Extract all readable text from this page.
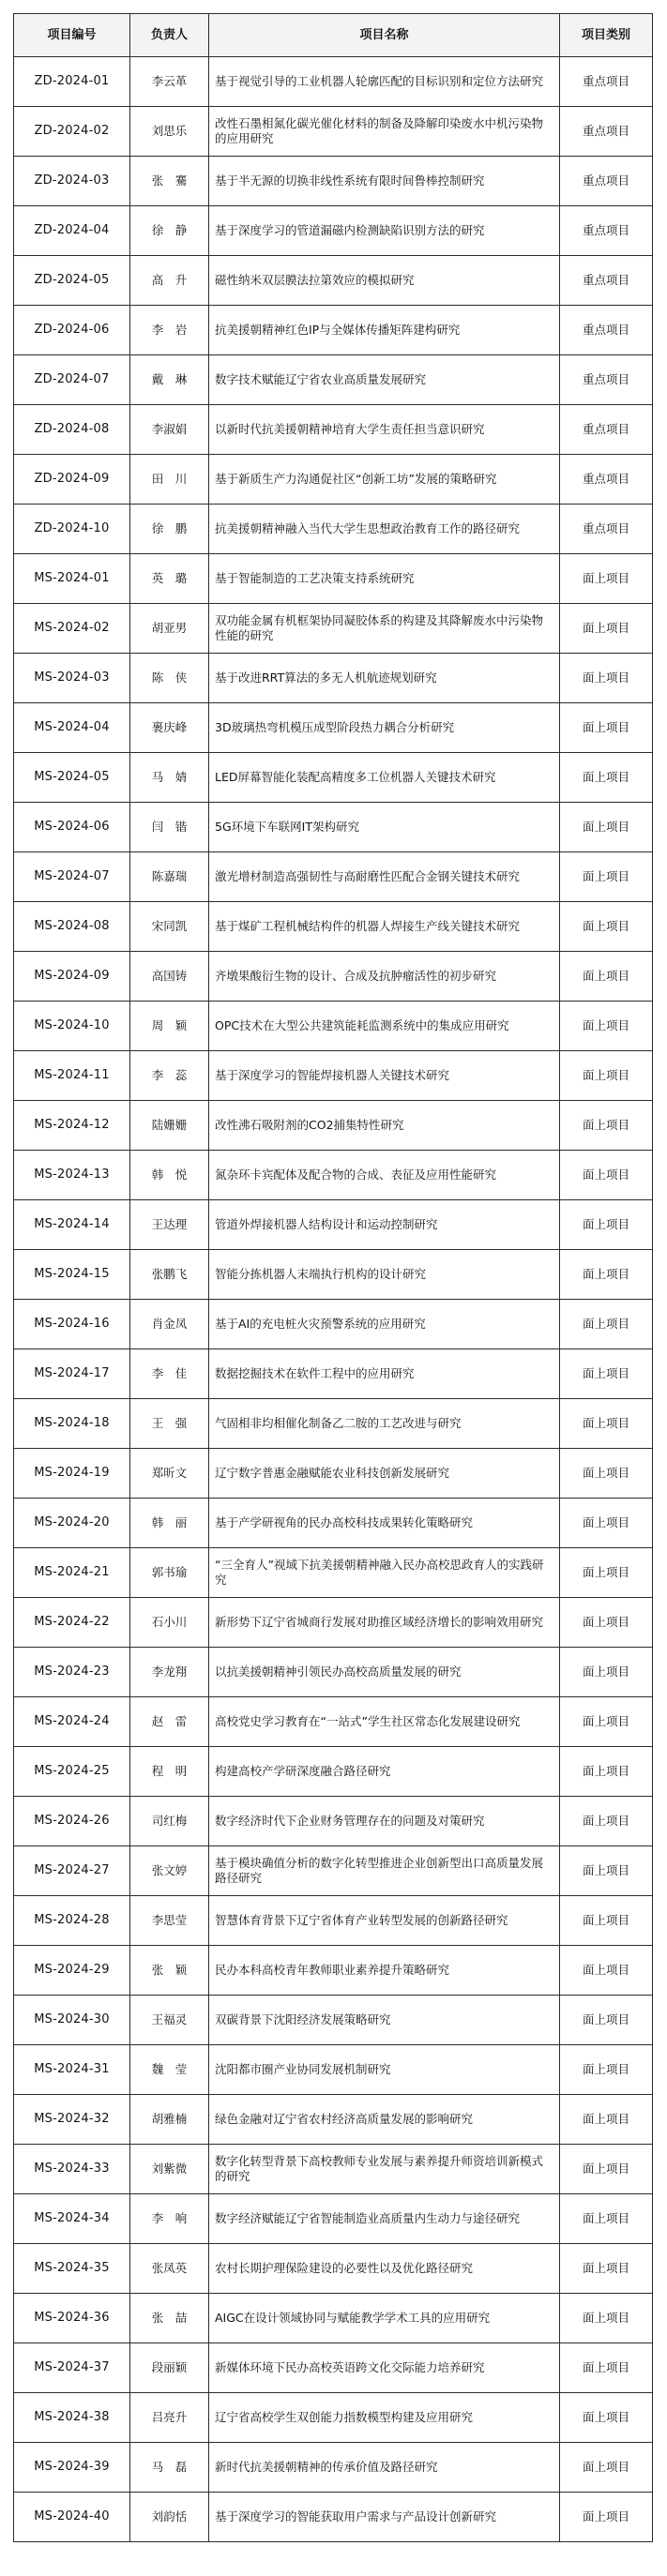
项目编号	负责人	项目名称	项目类别
ZD-2024-01	李云革	基于视觉引导的工业机器人轮廓匹配的目标识别和定位方法研究	重点项目
ZD-2024-02	刘思乐	改性石墨相氮化碳光催化材料的制备及降解印染废水中机污染物的应用研究	重点项目
ZD-2024-03	张　騫	基于半无源的切换非线性系统有限时间鲁棒控制研究	重点项目
ZD-2024-04	徐　静	基于深度学习的管道漏磁内检测缺陷识别方法的研究	重点项目
ZD-2024-05	高　升	磁性纳米双层膜法拉第效应的模拟研究	重点项目
ZD-2024-06	李　岩	抗美援朝精神红色IP与全媒体传播矩阵建构研究	重点项目
ZD-2024-07	戴　琳	数字技术赋能辽宁省农业高质量发展研究	重点项目
ZD-2024-08	李淑娟	以新时代抗美援朝精神培育大学生责任担当意识研究	重点项目
ZD-2024-09	田　川	基于新质生产力沟通促社区“创新工坊”发展的策略研究	重点项目
ZD-2024-10	徐　鹏	抗美援朝精神融入当代大学生思想政治教育工作的路径研究	重点项目
MS-2024-01	英　璐	基于智能制造的工艺决策支持系统研究	面上项目
MS-2024-02	胡亚男	双功能金属有机框架协同凝胶体系的构建及其降解废水中污染物性能的研究	面上项目
MS-2024-03	陈　侠	基于改进RRT算法的多无人机航迹规划研究	面上项目
MS-2024-04	裹庆峰	3D玻璃热弯机模压成型阶段热力耦合分析研究	面上项目
MS-2024-05	马　婧	LED屏幕智能化装配高精度多工位机器人关键技术研究	面上项目
MS-2024-06	闫　锴	5G环境下车联网IT架构研究	面上项目
MS-2024-07	陈嘉瑞	激光增材制造高强韧性与高耐磨性匹配合金钢关键技术研究	面上项目
MS-2024-08	宋同凯	基于煤矿工程机械结构件的机器人焊接生产线关键技术研究	面上项目
MS-2024-09	高国铸	齐墩果酸衍生物的设计、合成及抗肿瘤活性的初步研究	面上项目
MS-2024-10	周　颖	OPC技术在大型公共建筑能耗监测系统中的集成应用研究	面上项目
MS-2024-11	李　蕊	基于深度学习的智能焊接机器人关键技术研究	面上项目
MS-2024-12	陆姗姗	改性沸石吸附剂的CO2捕集特性研究	面上项目
MS-2024-13	韩　悦	氮杂环卡宾配体及配合物的合成、表征及应用性能研究	面上项目
MS-2024-14	王达理	管道外焊接机器人结构设计和运动控制研究	面上项目
MS-2024-15	张鹏飞	智能分拣机器人末端执行机构的设计研究	面上项目
MS-2024-16	肖金凤	基于AI的充电桩火灾预警系统的应用研究	面上项目
MS-2024-17	李　佳	数据挖掘技术在软件工程中的应用研究	面上项目
MS-2024-18	王　强	气固相非均相催化制备乙二胺的工艺改进与研究	面上项目
MS-2024-19	郑昕文	辽宁数字普惠金融赋能农业科技创新发展研究	面上项目
MS-2024-20	韩　丽	基于产学研视角的民办高校科技成果转化策略研究	面上项目
MS-2024-21	郭书瑜	“三全育人”视域下抗美援朝精神融入民办高校思政育人的实践研究	面上项目
MS-2024-22	石小川	新形势下辽宁省城商行发展对助推区域经济增长的影响效用研究	面上项目
MS-2024-23	李龙翔	以抗美援朝精神引领民办高校高质量发展的研究	面上项目
MS-2024-24	赵　雷	高校党史学习教育在“一站式”学生社区常态化发展建设研究	面上项目
MS-2024-25	程　明	构建高校产学研深度融合路径研究	面上项目
MS-2024-26	司红梅	数字经济时代下企业财务管理存在的问题及对策研究	面上项目
MS-2024-27	张文婷	基于模块确值分析的数字化转型推进企业创新型出口高质量发展路径研究	面上项目
MS-2024-28	李思莹	智慧体育背景下辽宁省体育产业转型发展的创新路径研究	面上项目
MS-2024-29	张　颖	民办本科高校青年教师职业素养提升策略研究	面上项目
MS-2024-30	王福灵	双碳背景下沈阳经济发展策略研究	面上项目
MS-2024-31	魏　莹	沈阳都市圈产业协同发展机制研究	面上项目
MS-2024-32	胡雅楠	绿色金融对辽宁省农村经济高质量发展的影响研究	面上项目
MS-2024-33	刘紫微	数字化转型背景下高校教师专业发展与素养提升师资培训新模式的研究	面上项目
MS-2024-34	李　响	数字经济赋能辽宁省智能制造业高质量内生动力与途径研究	面上项目
MS-2024-35	张凤英	农村长期护理保险建设的必要性以及优化路径研究	面上项目
MS-2024-36	张　喆	AIGC在设计领域协同与赋能教学学术工具的应用研究	面上项目
MS-2024-37	段丽颖	新媒体环境下民办高校英语跨文化交际能力培养研究	面上项目
MS-2024-38	吕亮升	辽宁省高校学生双创能力指数模型构建及应用研究	面上项目
MS-2024-39	马　磊	新时代抗美援朝精神的传承价值及路径研究	面上项目
MS-2024-40	刘韵恬	基于深度学习的智能获取用户需求与产品设计创新研究	面上项目
